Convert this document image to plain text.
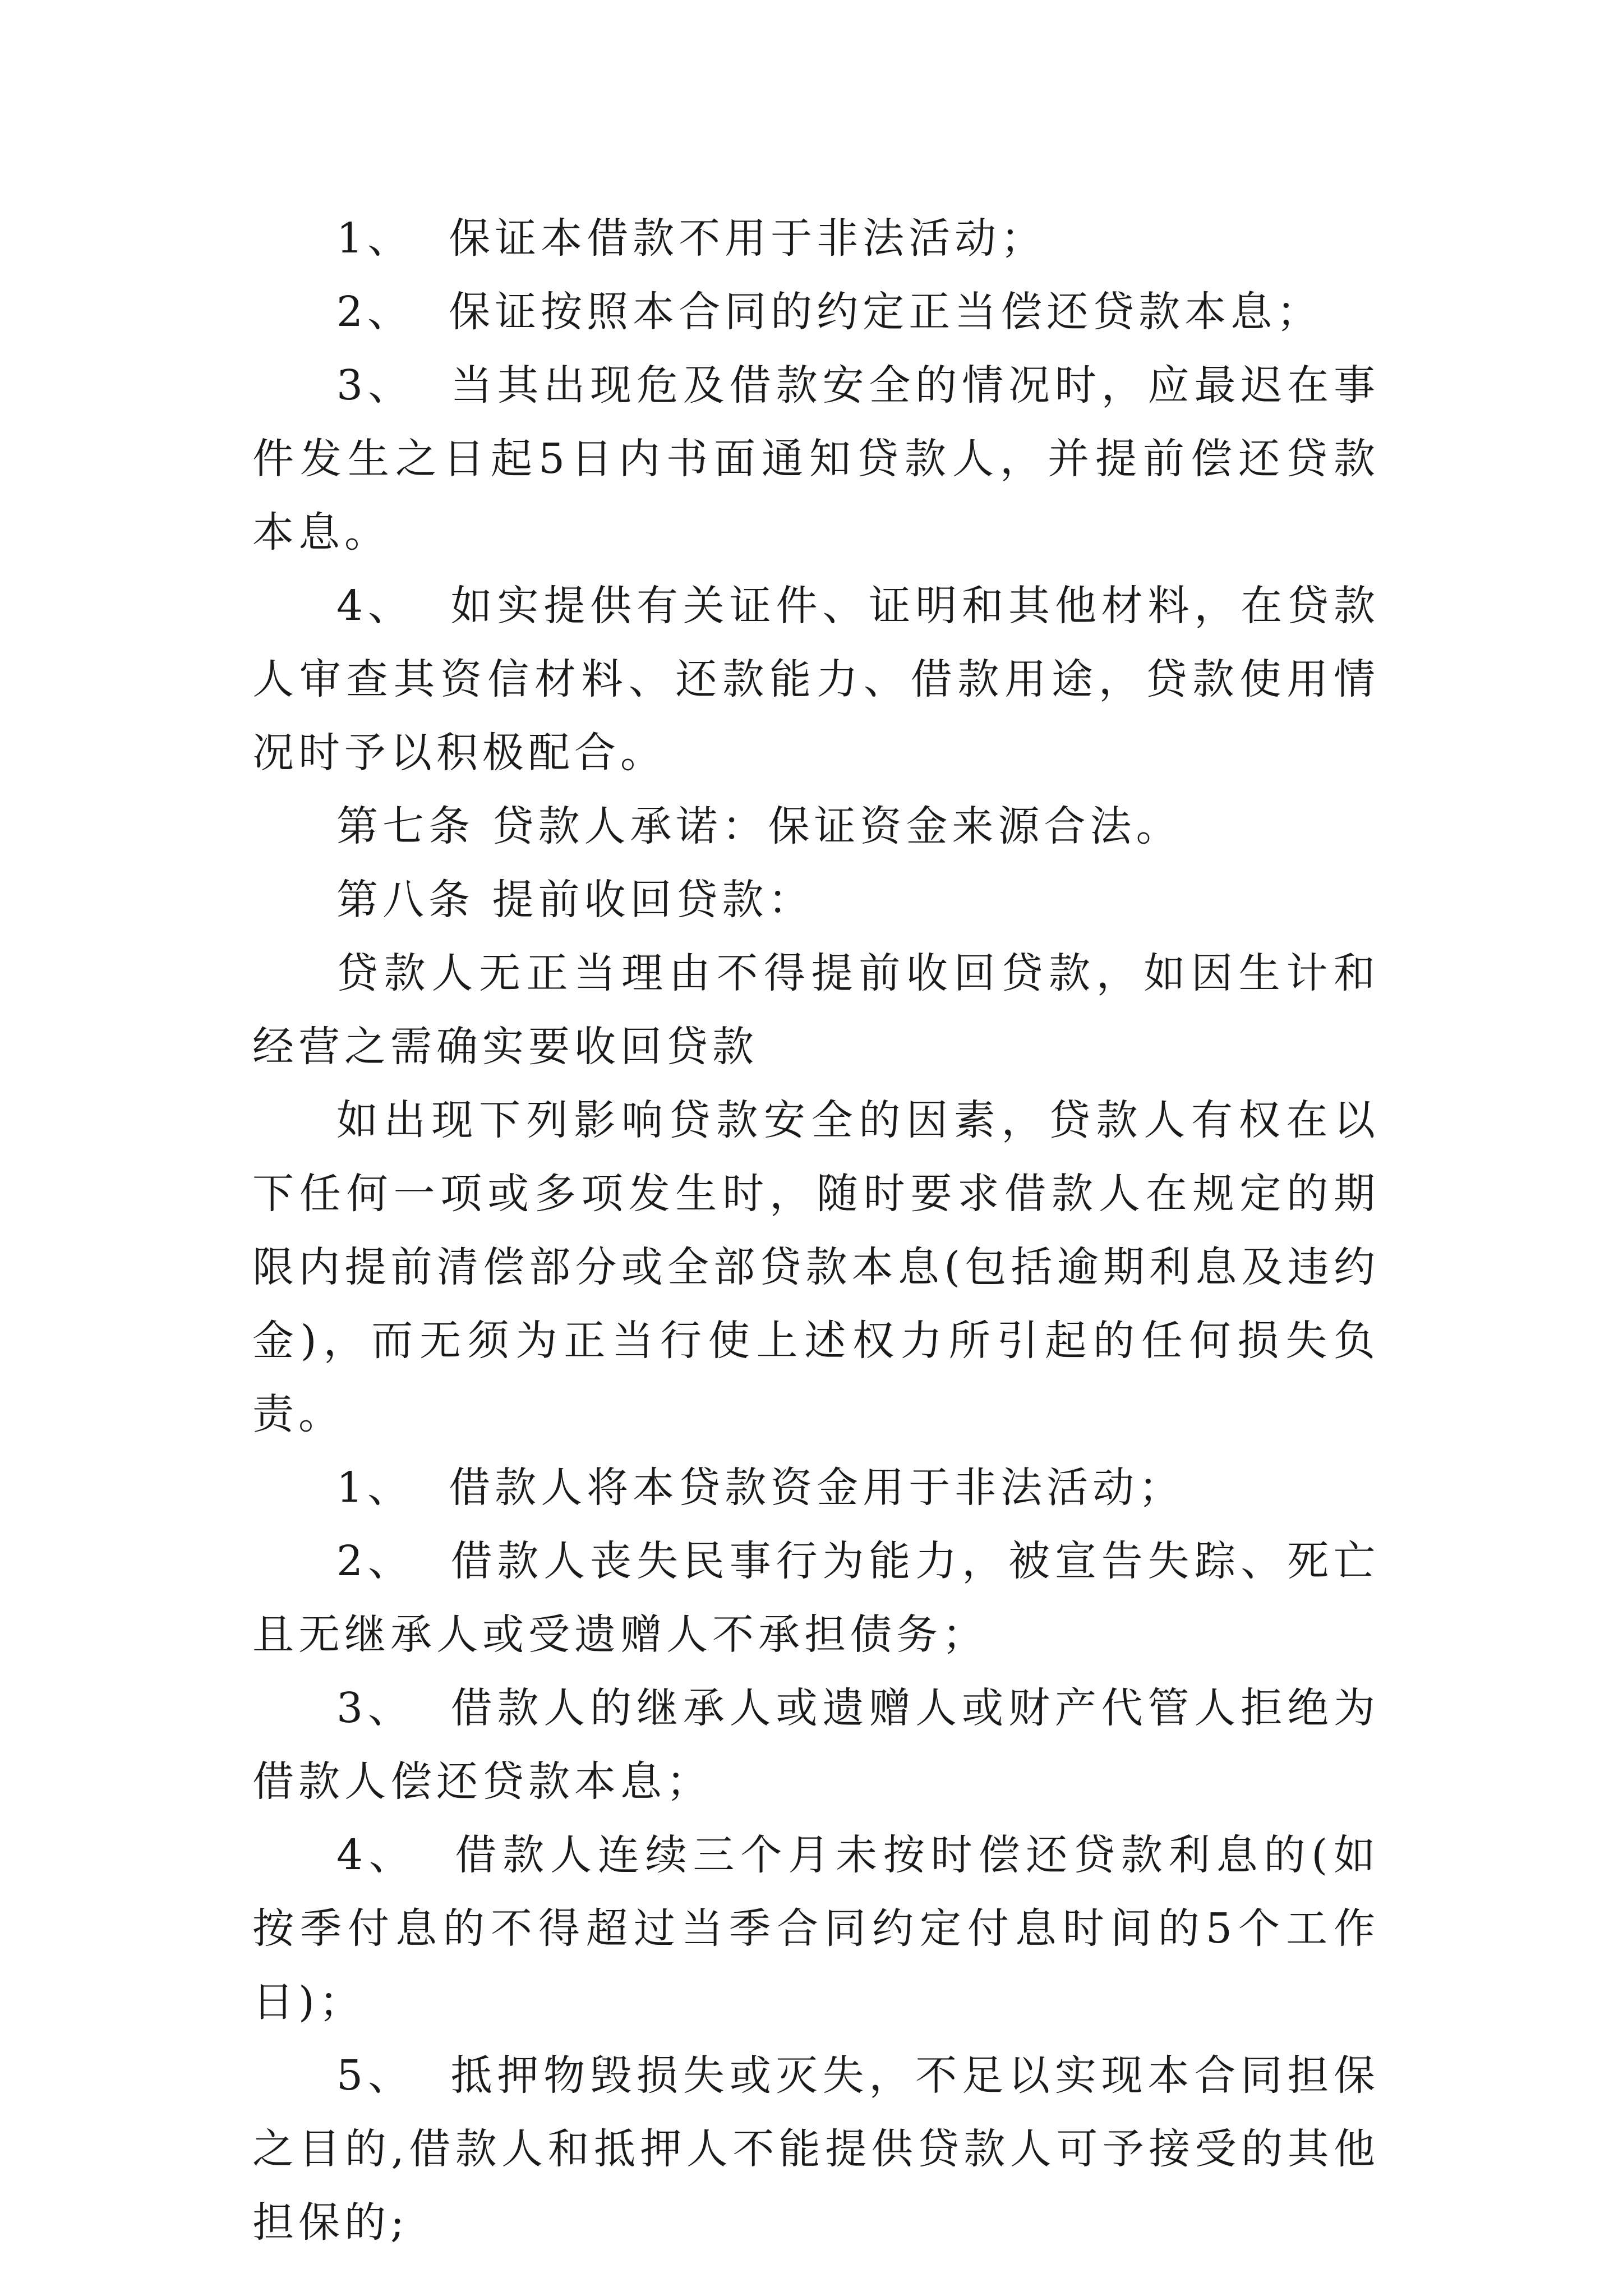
1、  保证本借款不用于非法活动；

2、  保证按照本合同的约定正当偿还贷款本息；

3、  当其出现危及借款安全的情况时，应最迟在事件发生之日起5日内书面通知贷款人，并提前偿还贷款本息。

4、  如实提供有关证件、证明和其他材料，在贷款人审查其资信材料、还款能力、借款用途，贷款使用情况时予以积极配合。

第七条 贷款人承诺：保证资金来源合法。

第八条 提前收回贷款：

贷款人无正当理由不得提前收回贷款，如因生计和经营之需确实要收回贷款

如出现下列影响贷款安全的因素，贷款人有权在以下任何一项或多项发生时，随时要求借款人在规定的期限内提前清偿部分或全部贷款本息(包括逾期利息及违约金)，而无须为正当行使上述权力所引起的任何损失负责。

1、  借款人将本贷款资金用于非法活动；

2、  借款人丧失民事行为能力，被宣告失踪、死亡且无继承人或受遗赠人不承担债务；

3、  借款人的继承人或遗赠人或财产代管人拒绝为借款人偿还贷款本息；

4、  借款人连续三个月未按时偿还贷款利息的(如按季付息的不得超过当季合同约定付息时间的5个工作日)；

5、  抵押物毁损失或灭失，不足以实现本合同担保之目的,借款人和抵押人不能提供贷款人可予接受的其他担保的;
